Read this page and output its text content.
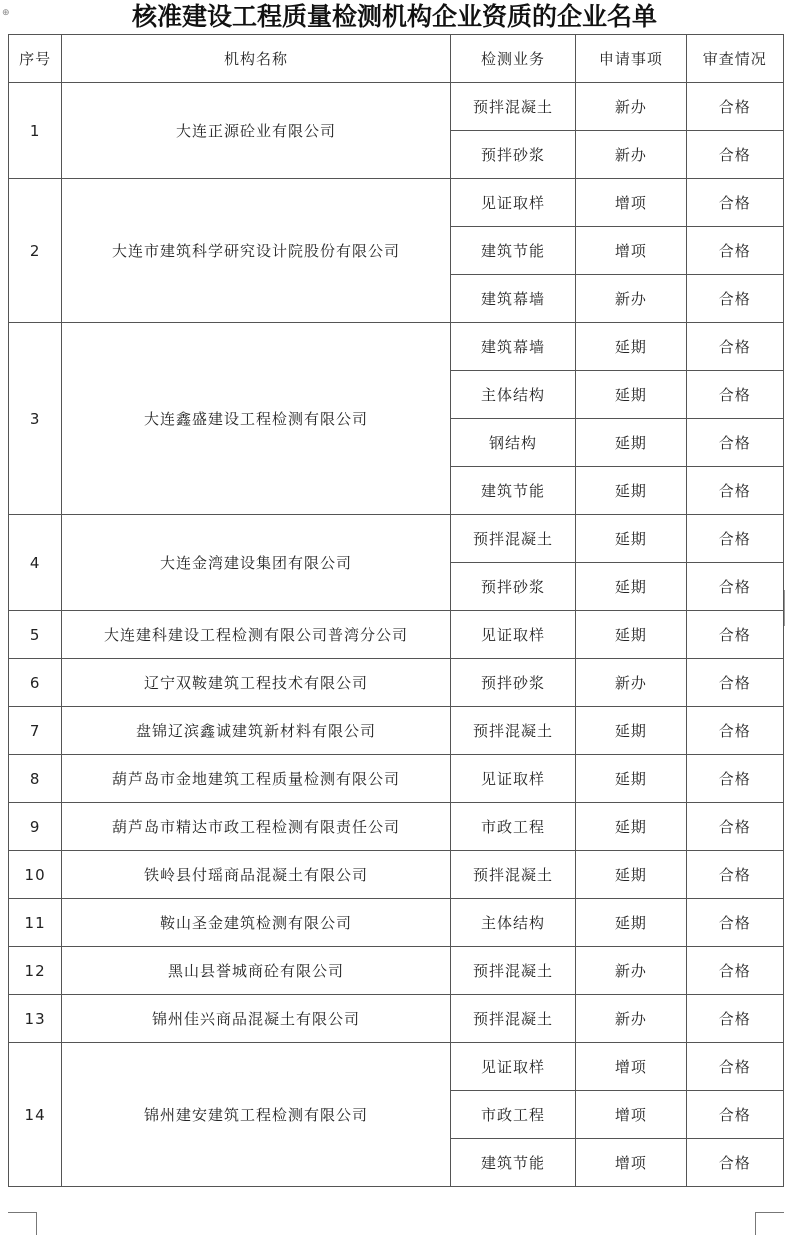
⊕	核准建设工程质量检测机构企业资质的企业名单
序号	机构名称	检测业务	申请事项	审查情况
1	大连正源砼业有限公司	预拌混凝土	新办	合格
		预拌砂浆	新办	合格
2	大连市建筑科学研究设计院股份有限公司	见证取样	增项	合格
		建筑节能	增项	合格
		建筑幕墙	新办	合格
3	大连鑫盛建设工程检测有限公司	建筑幕墙	延期	合格
		主体结构	延期	合格
		钢结构	延期	合格
		建筑节能	延期	合格
4	大连金湾建设集团有限公司	预拌混凝土	延期	合格
		预拌砂浆	延期	合格
5	大连建科建设工程检测有限公司普湾分公司	见证取样	延期	合格
6	辽宁双鞍建筑工程技术有限公司	预拌砂浆	新办	合格
7	盘锦辽滨鑫诚建筑新材料有限公司	预拌混凝土	延期	合格
8	葫芦岛市金地建筑工程质量检测有限公司	见证取样	延期	合格
9	葫芦岛市精达市政工程检测有限责任公司	市政工程	延期	合格
10	铁岭县付瑶商品混凝土有限公司	预拌混凝土	延期	合格
11	鞍山圣金建筑检测有限公司	主体结构	延期	合格
12	黑山县誉城商砼有限公司	预拌混凝土	新办	合格
13	锦州佳兴商品混凝土有限公司	预拌混凝土	新办	合格
14	锦州建安建筑工程检测有限公司	见证取样	增项	合格
		市政工程	增项	合格
		建筑节能	增项	合格
